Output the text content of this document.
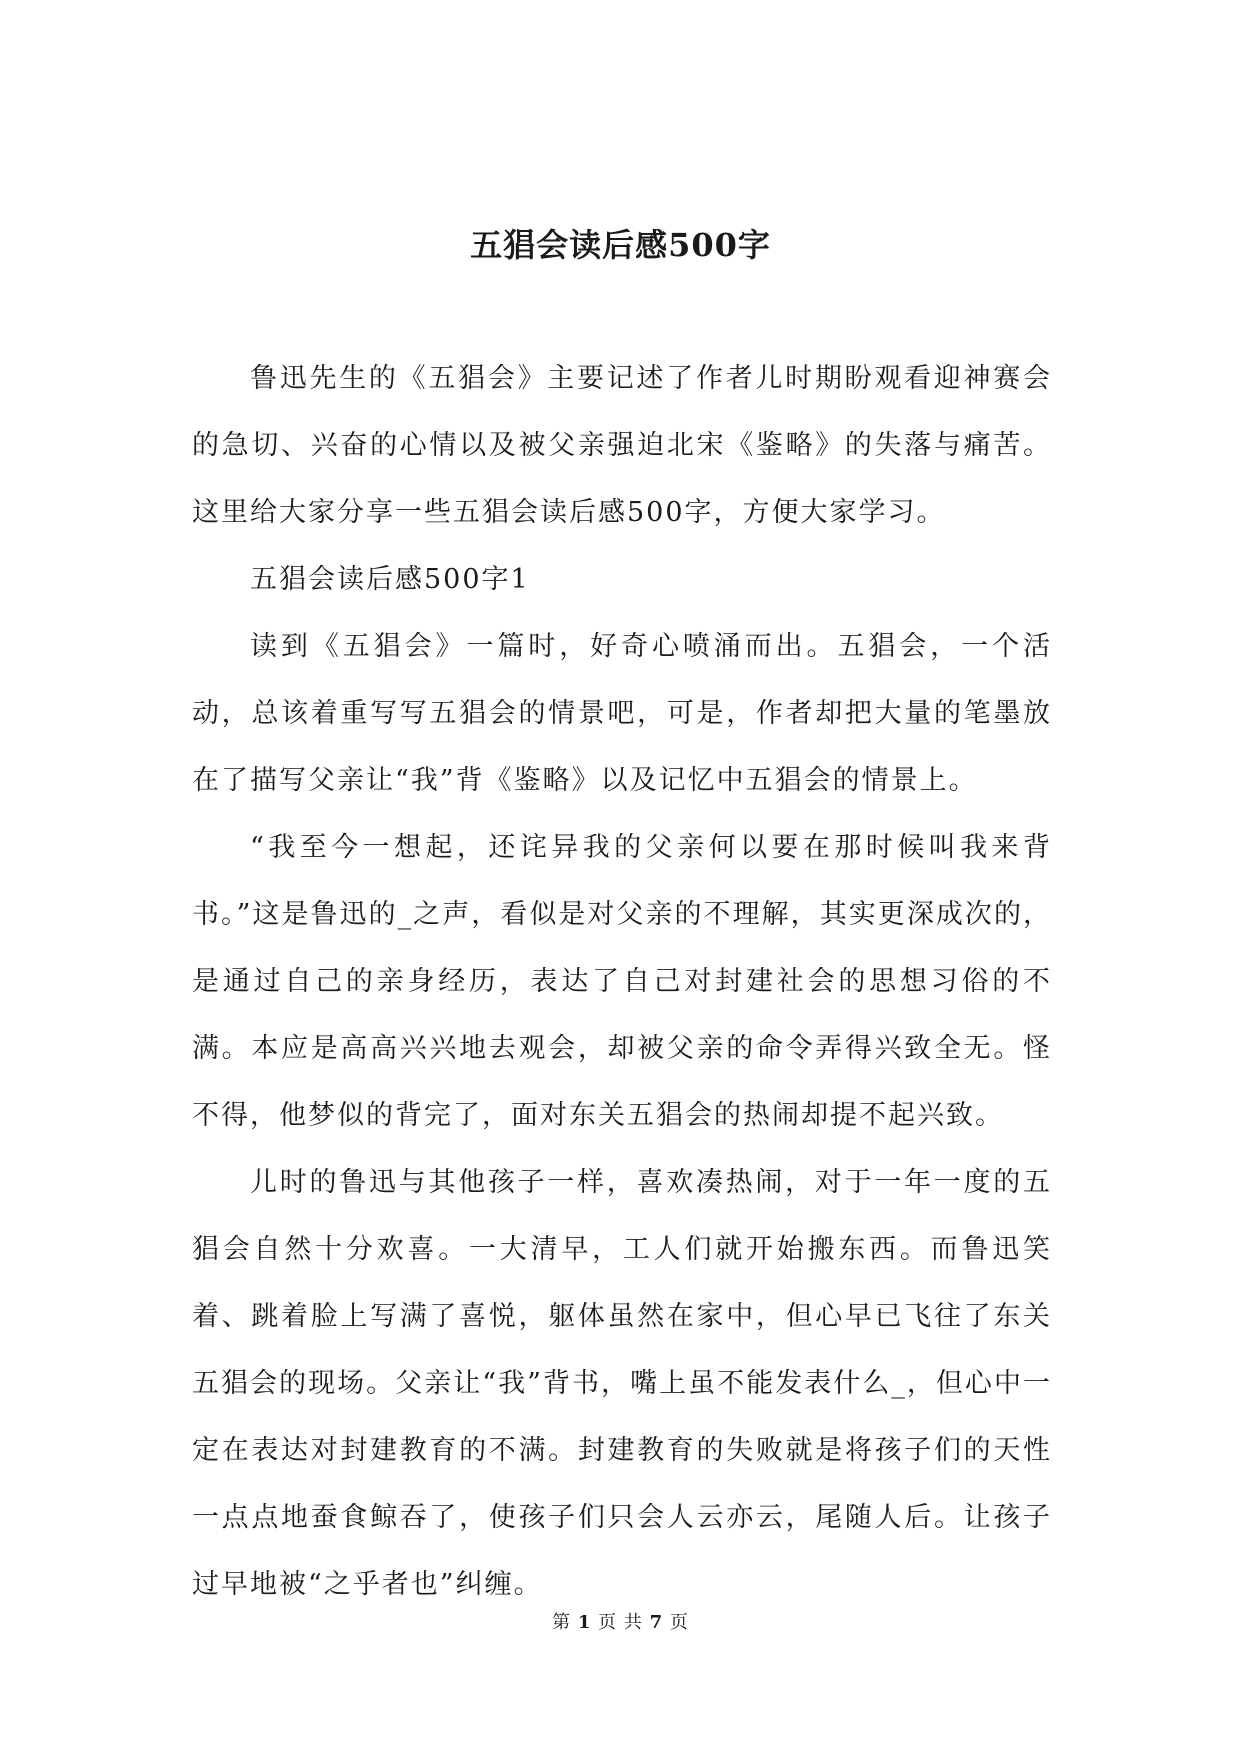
五猖会读后感500字

鲁迅先生的《五猖会》主要记述了作者儿时期盼观看迎神赛会的急切、兴奋的心情以及被父亲强迫北宋《鉴略》的失落与痛苦。这里给大家分享一些五猖会读后感500字，方便大家学习。

五猖会读后感500字1

读到《五猖会》一篇时，好奇心喷涌而出。五猖会，一个活动，总该着重写写五猖会的情景吧，可是，作者却把大量的笔墨放在了描写父亲让“我”背《鉴略》以及记忆中五猖会的情景上。

“我至今一想起，还诧异我的父亲何以要在那时候叫我来背书。”这是鲁迅的_之声，看似是对父亲的不理解，其实更深成次的，是通过自己的亲身经历，表达了自己对封建社会的思想习俗的不满。本应是高高兴兴地去观会，却被父亲的命令弄得兴致全无。怪不得，他梦似的背完了，面对东关五猖会的热闹却提不起兴致。

儿时的鲁迅与其他孩子一样，喜欢凑热闹，对于一年一度的五猖会自然十分欢喜。一大清早，工人们就开始搬东西。而鲁迅笑着、跳着脸上写满了喜悦，躯体虽然在家中，但心早已飞往了东关五猖会的现场。父亲让“我”背书，嘴上虽不能发表什么_，但心中一定在表达对封建教育的不满。封建教育的失败就是将孩子们的天性一点点地蚕食鲸吞了，使孩子们只会人云亦云，尾随人后。让孩子过早地被“之乎者也”纠缠。

第 1 页 共 7 页
